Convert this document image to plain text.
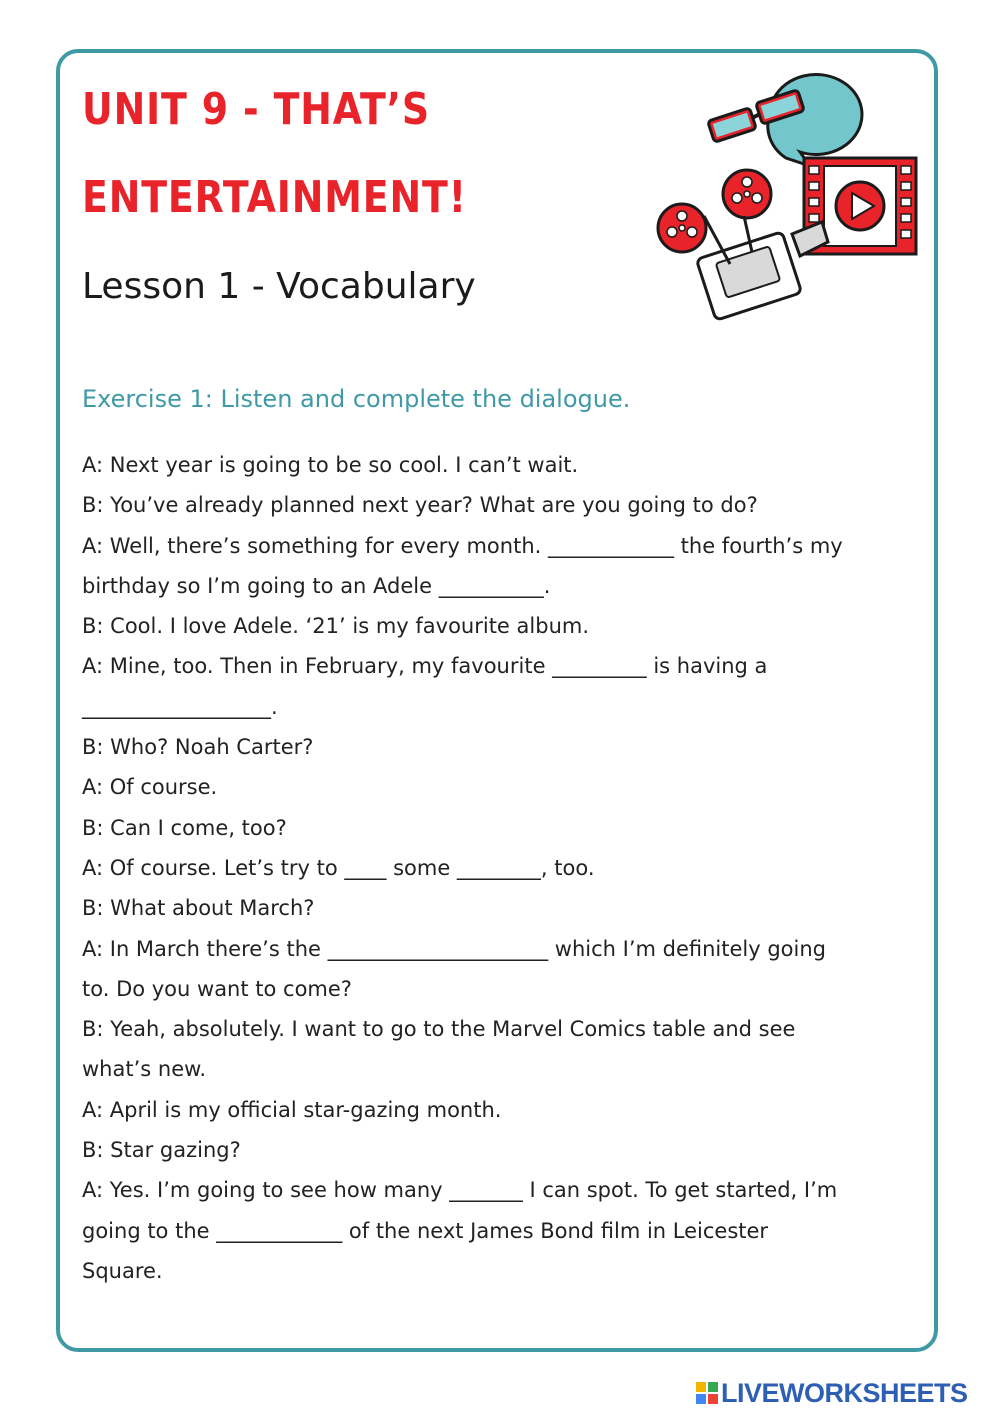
UNIT 9 - THAT’S
ENTERTAINMENT!
Lesson 1 - Vocabulary
Exercise 1: Listen and complete the dialogue.
A: Next year is going to be so cool. I can’t wait.
B: You’ve already planned next year? What are you going to do?
A: Well, there’s something for every month. ____________ the fourth’s my
birthday so I’m going to an Adele __________.
B: Cool. I love Adele. ‘21’ is my favourite album.
A: Mine, too. Then in February, my favourite _________ is having a
__________________.
B: Who? Noah Carter?
A: Of course.
B: Can I come, too?
A: Of course. Let’s try to ____ some ________, too.
B: What about March?
A: In March there’s the _____________________ which I’m definitely going
to. Do you want to come?
B: Yeah, absolutely. I want to go to the Marvel Comics table and see
what’s new.
A: April is my official star-gazing month.
B: Star gazing?
A: Yes. I’m going to see how many _______ I can spot. To get started, I’m
going to the ____________ of the next James Bond film in Leicester
Square.
LIVEWORKSHEETS
